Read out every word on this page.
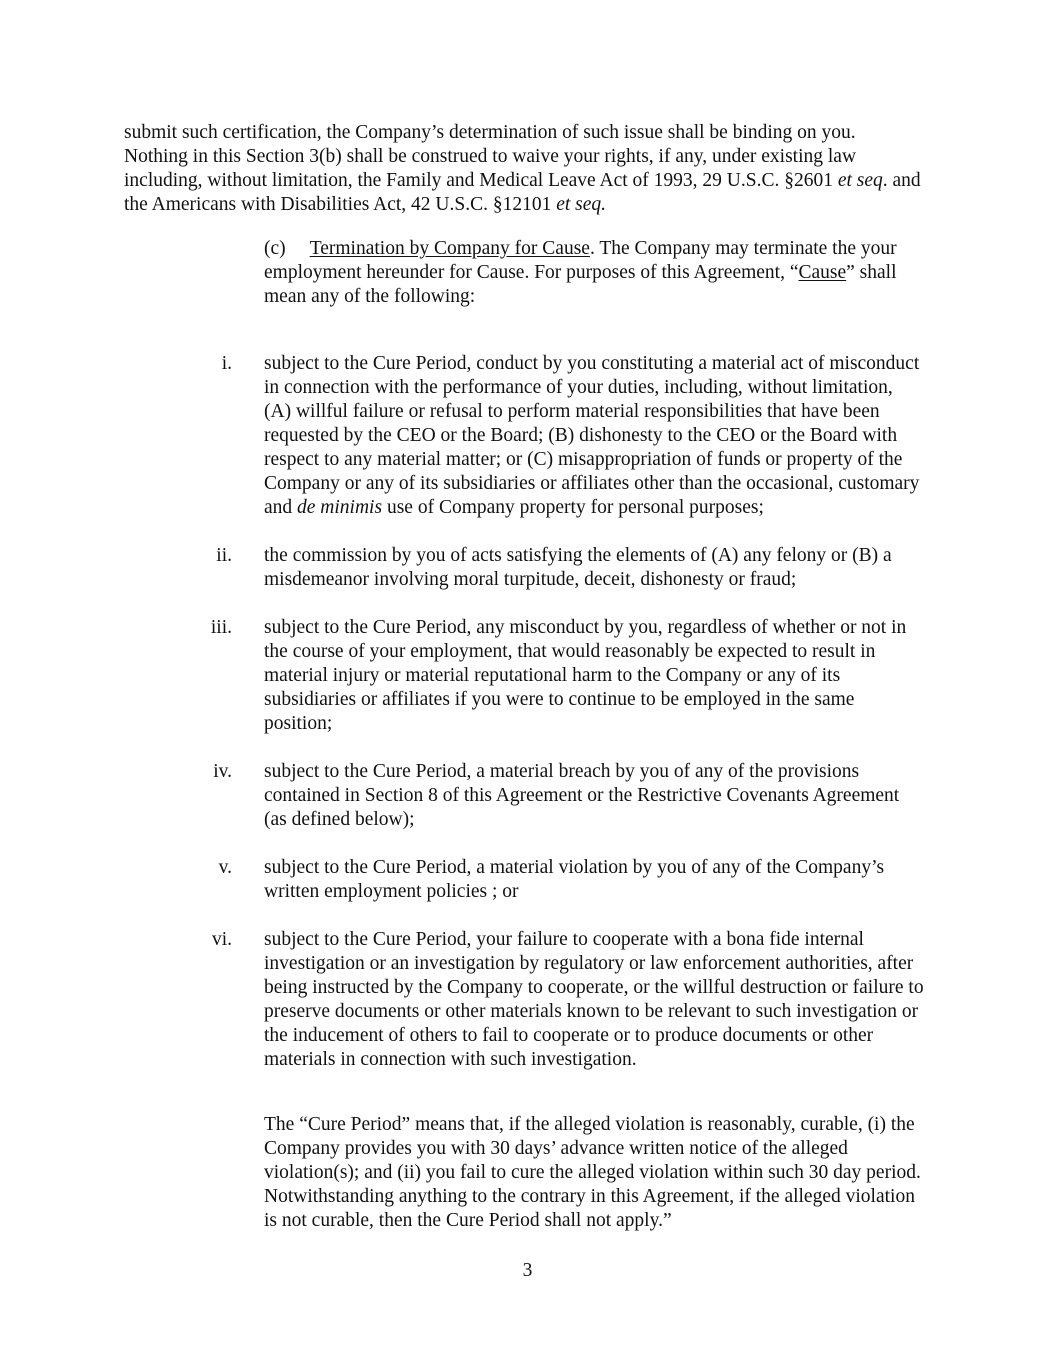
submit such certification, the Company’s determination of such issue shall be binding on you. Nothing in this Section 3(b) shall be construed to waive your rights, if any, under existing law including, without limitation, the Family and Medical Leave Act of 1993, 29 U.S.C. §2601 et seq. and the Americans with Disabilities Act, 42 U.S.C. §12101 et seq.
(c) Termination by Company for Cause. The Company may terminate the your employment hereunder for Cause. For purposes of this Agreement, “Cause” shall mean any of the following:
i. subject to the Cure Period, conduct by you constituting a material act of misconduct in connection with the performance of your duties, including, without limitation, (A) willful failure or refusal to perform material responsibilities that have been requested by the CEO or the Board; (B) dishonesty to the CEO or the Board with respect to any material matter; or (C) misappropriation of funds or property of the Company or any of its subsidiaries or affiliates other than the occasional, customary and de minimis use of Company property for personal purposes;
ii. the commission by you of acts satisfying the elements of (A) any felony or (B) a misdemeanor involving moral turpitude, deceit, dishonesty or fraud;
iii. subject to the Cure Period, any misconduct by you, regardless of whether or not in the course of your employment, that would reasonably be expected to result in material injury or material reputational harm to the Company or any of its subsidiaries or affiliates if you were to continue to be employed in the same position;
iv. subject to the Cure Period, a material breach by you of any of the provisions contained in Section 8 of this Agreement or the Restrictive Covenants Agreement (as defined below);
v. subject to the Cure Period, a material violation by you of any of the Company’s written employment policies ; or
vi. subject to the Cure Period, your failure to cooperate with a bona fide internal investigation or an investigation by regulatory or law enforcement authorities, after being instructed by the Company to cooperate, or the willful destruction or failure to preserve documents or other materials known to be relevant to such investigation or the inducement of others to fail to cooperate or to produce documents or other materials in connection with such investigation.
The “Cure Period” means that, if the alleged violation is reasonably, curable, (i) the Company provides you with 30 days’ advance written notice of the alleged violation(s); and (ii) you fail to cure the alleged violation within such 30 day period. Notwithstanding anything to the contrary in this Agreement, if the alleged violation is not curable, then the Cure Period shall not apply.”
3
